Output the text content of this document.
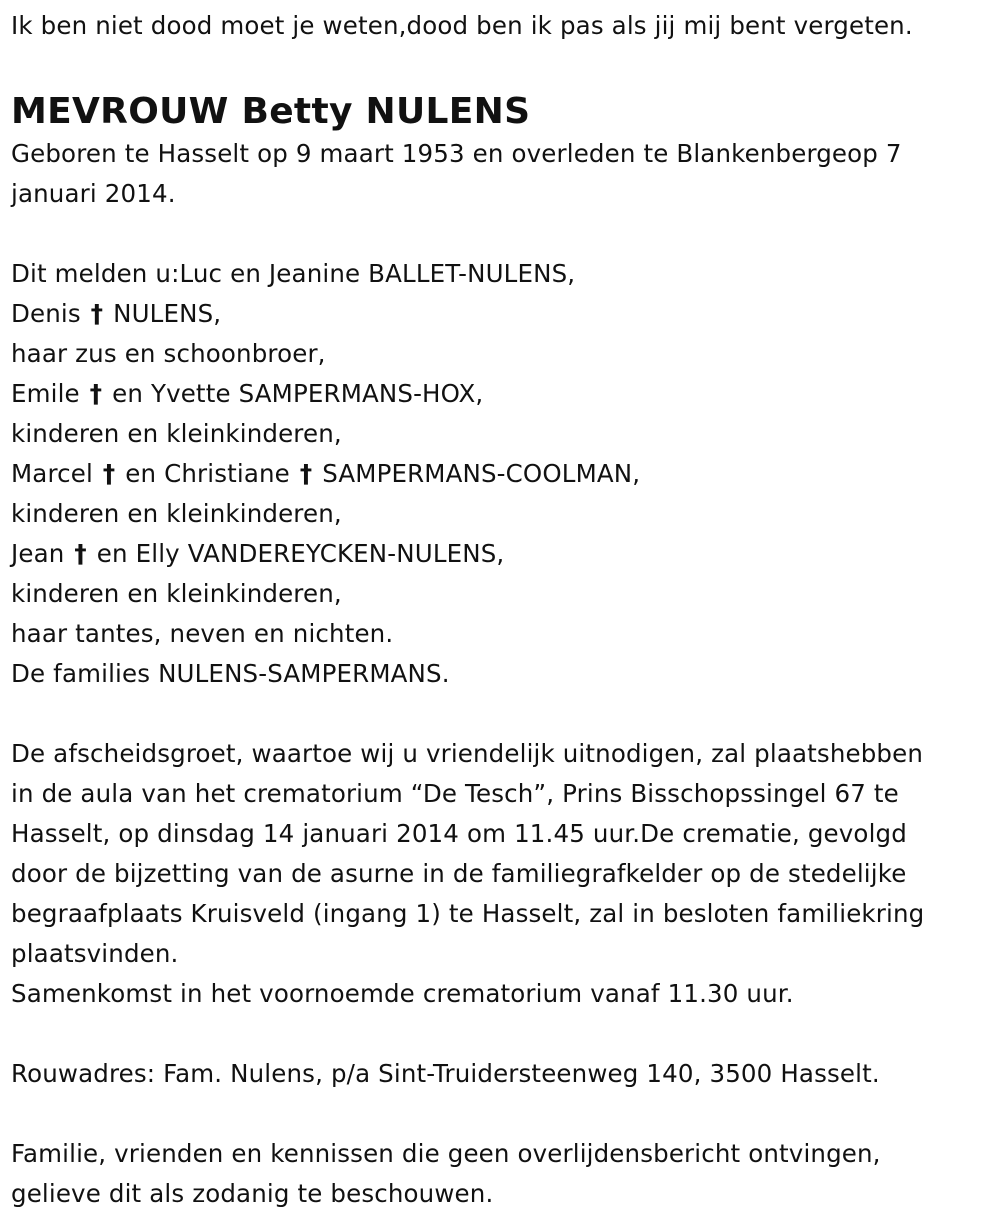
Ik ben niet dood moet je weten,dood ben ik pas als jij mij bent vergeten.
MEVROUW Betty NULENS
Geboren te Hasselt op 9 maart 1953 en overleden te Blankenbergeop 7
januari 2014.
Dit melden u:Luc en Jeanine BALLET-NULENS,
Denis † NULENS,
haar zus en schoonbroer,
Emile † en Yvette SAMPERMANS-HOX,
kinderen en kleinkinderen,
Marcel † en Christiane † SAMPERMANS-COOLMAN,
kinderen en kleinkinderen,
Jean † en Elly VANDEREYCKEN-NULENS,
kinderen en kleinkinderen,
haar tantes, neven en nichten.
De families NULENS-SAMPERMANS.
De afscheidsgroet, waartoe wij u vriendelijk uitnodigen, zal plaatshebben
in de aula van het crematorium “De Tesch”, Prins Bisschopssingel 67 te
Hasselt, op dinsdag 14 januari 2014 om 11.45 uur.De crematie, gevolgd
door de bijzetting van de asurne in de familiegrafkelder op de stedelijke
begraafplaats Kruisveld (ingang 1) te Hasselt, zal in besloten familiekring
plaatsvinden.
Samenkomst in het voornoemde crematorium vanaf 11.30 uur.
Rouwadres: Fam. Nulens, p/a Sint-Truidersteenweg 140, 3500 Hasselt.
Familie, vrienden en kennissen die geen overlijdensbericht ontvingen,
gelieve dit als zodanig te beschouwen.
